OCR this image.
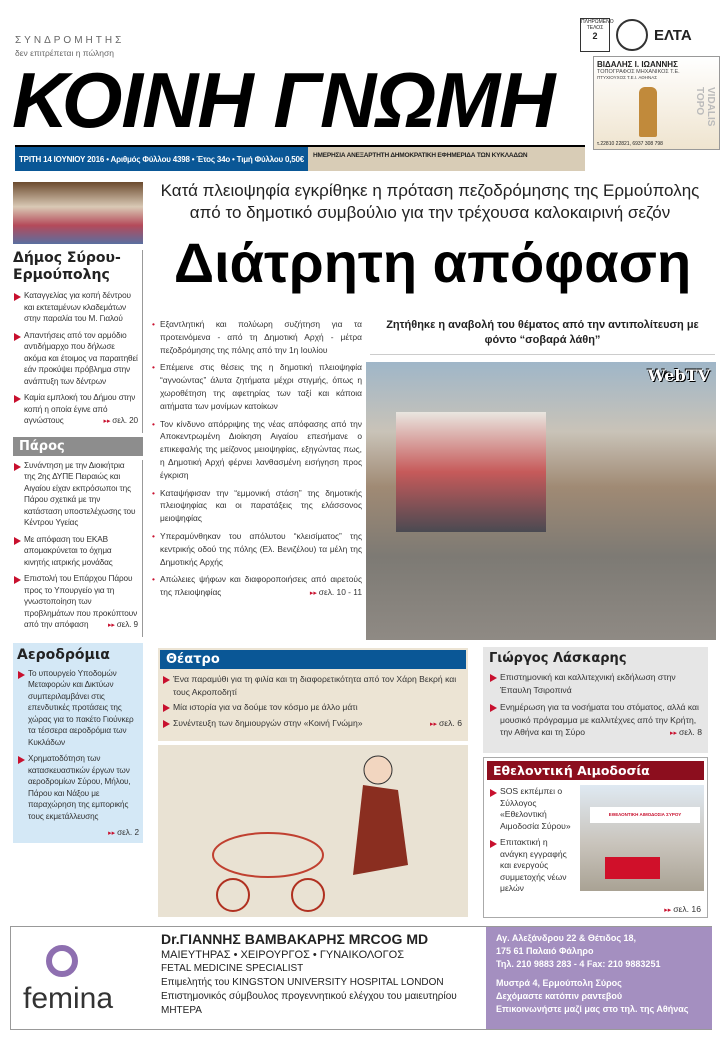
ΣΥΝΔΡΟΜΗΤΗΣ
δεν επιτρέπεται η πώληση
ΚΟΙΝΗ ΓΝΩΜΗ
ΠΛΗΡΩΜΕΝΟ ΤΕΛΟΣ
2	ΕΛΤΑ
ΒΙΔΑΛΗΣ Ι. ΙΩΑΝΝΗΣ
ΤΟΠΟΓΡΑΦΟΣ ΜΗΧΑΝΙΚΟΣ Τ.Ε.
ΠΤΥΧΙΟΥΧΟΣ Τ.Ε.Ι. ΑΘΗΝΑΣ
VIDALIS TOPO
τ.22810 22821, 6937 308 798
ΤΡΙΤΗ 14 ΙΟΥΝΙΟΥ 2016 • Αριθμός Φύλλου 4398 • Έτος 34ο • Τιμή Φύλλου 0,50€	ΗΜΕΡΗΣΙΑ ΑΝΕΞΑΡΤΗΤΗ ΔΗΜΟΚΡΑΤΙΚΗ ΕΦΗΜΕΡΙΔΑ ΤΩΝ ΚΥΚΛΑΔΩΝ
Δήμος Σύρου-Ερμούπολης
Καταγγελίας για κοπή δέντρου και εκτεταμένων κλαδεμάτων στην παραλία του Μ. Γιαλού
Απαντήσεις από τον αρμόδιο αντιδήμαρχο που δήλωσε ακόμα και έτοιμος να παραιτηθεί εάν προκύψει πρόβλημα στην ανάπτυξη των δέντρων
Καμία εμπλοκή του Δήμου στην κοπή η οποία έγινε από αγνώστους	▸▸ σελ. 20
Πάρος
Συνάντηση με την Διοικήτρια της 2ης ΔΥΠΕ Πειραιώς και Αιγαίου είχαν εκπρόσωποι της Πάρου σχετικά με την κατάσταση υποστελέχωσης του Κέντρου Υγείας
Με απόφαση του ΕΚΑΒ απομακρύνεται το όχημα κινητής ιατρικής μονάδας
Επιστολή του Επάρχου Πάρου προς το Υπουργείο για τη γνωστοποίηση των προβλημάτων που προκύπτουν από την απόφαση	▸▸ σελ. 9
Αεροδρόμια
Το υπουργείο Υποδομών Μεταφορών και Δικτύων συμπεριλαμβάνει στις επενδυτικές προτάσεις της χώρας για το πακέτο Γιούνκερ τα τέσσερα αεροδρόμια των Κυκλάδων
Χρηματοδότηση των κατασκευαστικών έργων των αεροδρομίων Σύρου, Μήλου, Πάρου και Νάξου με παραχώρηση της εμπορικής τους εκμετάλλευσης
▸▸ σελ. 2
Κατά πλειοψηφία εγκρίθηκε η πρόταση πεζοδρόμησης της Ερμούπολης από το δημοτικό συμβούλιο για την τρέχουσα καλοκαιρινή σεζόν
Διάτρητη απόφαση
• Εξαντλητική και πολύωρη συζήτηση για τα προτεινόμενα - από τη Δημοτική Αρχή - μέτρα πεζοδρόμησης της πόλης από την 1η Ιουλίου
• Επέμεινε στις θέσεις της η δημοτική πλειοψηφία “αγνοώντας” άλυτα ζητήματα μέχρι στιγμής, όπως η χωροθέτηση της αφετηρίας των ταξί και κάποια αιτήματα των μονίμων κατοίκων
• Τον κίνδυνο απόρριψης της νέας απόφασης από την Αποκεντρωμένη Διοίκηση Αιγαίου επεσήμανε ο επικεφαλής της μείζονος μειοψηφίας, εξηγώντας πως, η Δημοτική Αρχή φέρνει λανθασμένη εισήγηση προς έγκριση
• Καταψήφισαν την “εμμονική στάση” της δημοτικής πλειοψηφίας και οι παρατάξεις της ελάσσονος μειοψηφίας
• Υπεραμύνθηκαν του απόλυτου “κλεισίματος” της κεντρικής οδού της πόλης (Ελ. Βενιζέλου) τα μέλη της Δημοτικής Αρχής
• Απώλειες ψήφων και διαφοροποιήσεις από αιρετούς της πλειοψηφίας	▸▸ σελ. 10 - 11
Ζητήθηκε η αναβολή του θέματος από την αντιπολίτευση με φόντο “σοβαρά λάθη”
WebTV
Θέατρο
Ένα παραμύθι για τη φιλία και τη διαφορετικότητα από τον Χάρη Βεκρή και τους Ακροποδητί
Μία ιστορία για να δούμε τον κόσμο με άλλο μάτι
Συνέντευξη των δημιουργών στην «Κοινή Γνώμη»	▸▸ σελ. 6
Γιώργος Λάσκαρης
Επιστημονική και καλλιτεχνική εκδήλωση στην Έπαυλη Τσιροπινά
Ενημέρωση για τα νοσήματα του στόματος, αλλά και μουσικό πρόγραμμα με καλλιτέχνες από την Κρήτη, την Αθήνα και τη Σύρο	▸▸ σελ. 8
Εθελοντική Αιμοδοσία
SOS εκπέμπει ο Σύλλογος «Εθελοντική Αιμοδοσία Σύρου»
Επιτακτική η ανάγκη εγγραφής και ενεργούς συμμετοχής νέων μελών
ΕΘΕΛΟΝΤΙΚΗ ΑΙΜΟΔΟΣΙΑ ΣΥΡΟΥ
▸▸ σελ. 16
femina
Dr.ΓΙΑΝΝΗΣ ΒΑΜΒΑΚΑΡΗΣ MRCOG MD
ΜΑΙΕΥΤΗΡΑΣ • ΧΕΙΡΟΥΡΓΟΣ • ΓΥΝΑΙΚΟΛΟΓΟΣ
FETAL MEDICINE SPECIALIST
Επιμελητής του KINGSTON UNIVERSITY HOSPITAL LONDON
Επιστημονικός σύμβουλος προγεννητικού ελέγχου του μαιευτηρίου ΜΗΤΕΡΑ
Αγ. Αλεξάνδρου 22 & Θέτιδος 18,
175 61 Παλαιό Φάληρο
Τηλ. 210 9883 283 - 4 Fax: 210 9883251
Μυστρά 4, Ερμούπολη Σύρος
Δεχόμαστε κατόπιν ραντεβού
Επικοινωνήστε μαζί μας στο τηλ. της Αθήνας
